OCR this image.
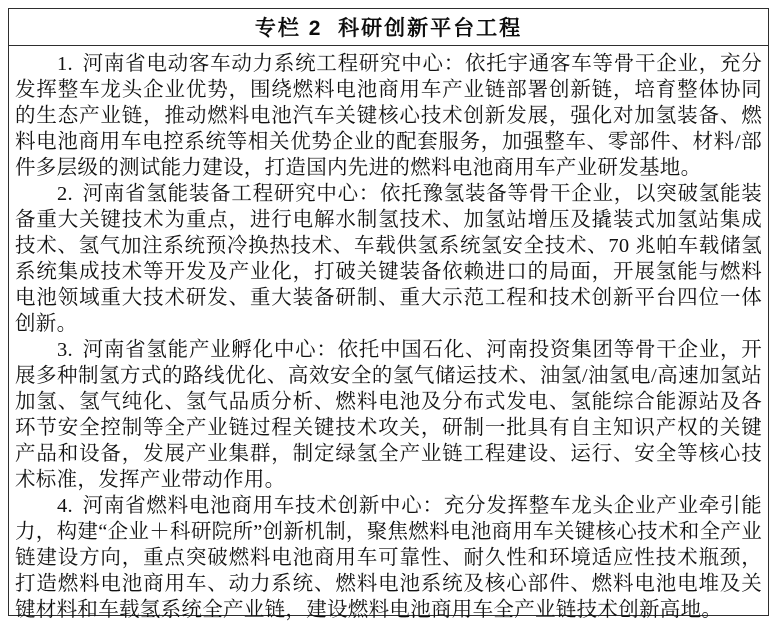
专栏 2 科研创新平台工程

1. 河南省电动客车动力系统工程研究中心：依托宇通客车等骨干企业，充分发挥整车龙头企业优势，围绕燃料电池商用车产业链部署创新链，培育整体协同的生态产业链，推动燃料电池汽车关键核心技术创新发展，强化对加氢装备、燃料电池商用车电控系统等相关优势企业的配套服务，加强整车、零部件、材料/部件多层级的测试能力建设，打造国内先进的燃料电池商用车产业研发基地。

2. 河南省氢能装备工程研究中心：依托豫氢装备等骨干企业，以突破氢能装备重大关键技术为重点，进行电解水制氢技术、加氢站增压及撬装式加氢站集成技术、氢气加注系统预冷换热技术、车载供氢系统氢安全技术、70 兆帕车载储氢系统集成技术等开发及产业化，打破关键装备依赖进口的局面，开展氢能与燃料电池领域重大技术研发、重大装备研制、重大示范工程和技术创新平台四位一体创新。

3. 河南省氢能产业孵化中心：依托中国石化、河南投资集团等骨干企业，开展多种制氢方式的路线优化、高效安全的氢气储运技术、油氢/油氢电/高速加氢站加氢、氢气纯化、氢气品质分析、燃料电池及分布式发电、氢能综合能源站及各环节安全控制等全产业链过程关键技术攻关，研制一批具有自主知识产权的关键产品和设备，发展产业集群，制定绿氢全产业链工程建设、运行、安全等核心技术标准，发挥产业带动作用。

4. 河南省燃料电池商用车技术创新中心：充分发挥整车龙头企业产业牵引能力，构建“企业＋科研院所”创新机制，聚焦燃料电池商用车关键核心技术和全产业链建设方向，重点突破燃料电池商用车可靠性、耐久性和环境适应性技术瓶颈，打造燃料电池商用车、动力系统、燃料电池系统及核心部件、燃料电池电堆及关键材料和车载氢系统全产业链，建设燃料电池商用车全产业链技术创新高地。
